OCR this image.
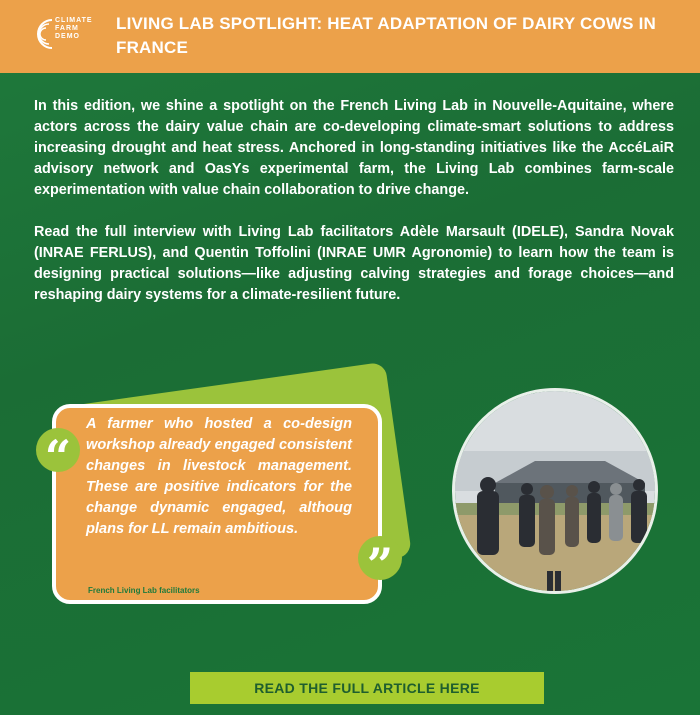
CLIMATE
FARM
DEMO
LIVING LAB SPOTLIGHT: HEAT ADAPTATION OF DAIRY COWS IN FRANCE

In this edition, we shine a spotlight on the French Living Lab in Nouvelle-Aquitaine, where actors across the dairy value chain are co-developing climate-smart solutions to address increasing drought and heat stress. Anchored in long-standing initiatives like the AccéLaiR advisory network and OasYs experimental farm, the Living Lab combines farm-scale experimentation with value chain collaboration to drive change.

Read the full interview with Living Lab facilitators Adèle Marsault (IDELE), Sandra Novak (INRAE FERLUS), and Quentin Toffolini (INRAE UMR Agronomie) to learn how the team is designing practical solutions—like adjusting calving strategies and forage choices—and reshaping dairy systems for a climate-resilient future.

A farmer who hosted a co-design workshop already engaged consistent changes in livestock management. These are positive indicators for the change dynamic engaged, althoug plans for LL remain ambitious.

French Living Lab facilitators
“
”
READ THE FULL ARTICLE HERE
